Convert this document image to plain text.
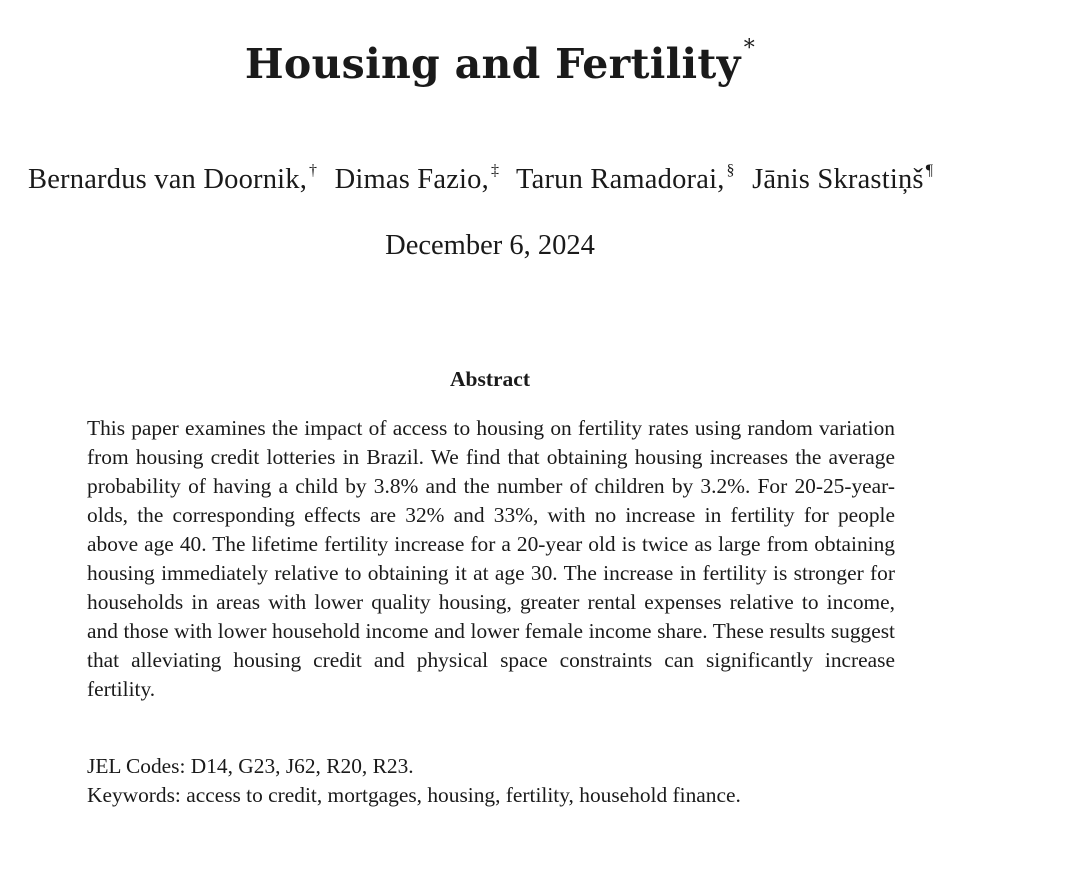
Housing and Fertility *
Bernardus van Doornik, † Dimas Fazio, ‡ Tarun Ramadorai, § Jānis Skrastiņš ¶
December 6, 2024
Abstract

This paper examines the impact of access to housing on fertility rates using random variation from housing credit lotteries in Brazil. We find that obtaining housing increases the average probability of having a child by 3.8% and the number of children by 3.2%. For 20-25-year-olds, the corresponding effects are 32% and 33%, with no increase in fertility for people above age 40. The lifetime fertility increase for a 20-year old is twice as large from obtaining housing immediately relative to obtaining it at age 30. The increase in fertility is stronger for households in areas with lower quality housing, greater rental expenses relative to income, and those with lower household income and lower female income share. These results suggest that alleviating housing credit and physical space constraints can significantly increase fertility.

JEL Codes: D14, G23, J62, R20, R23.
Keywords: access to credit, mortgages, housing, fertility, household finance.
